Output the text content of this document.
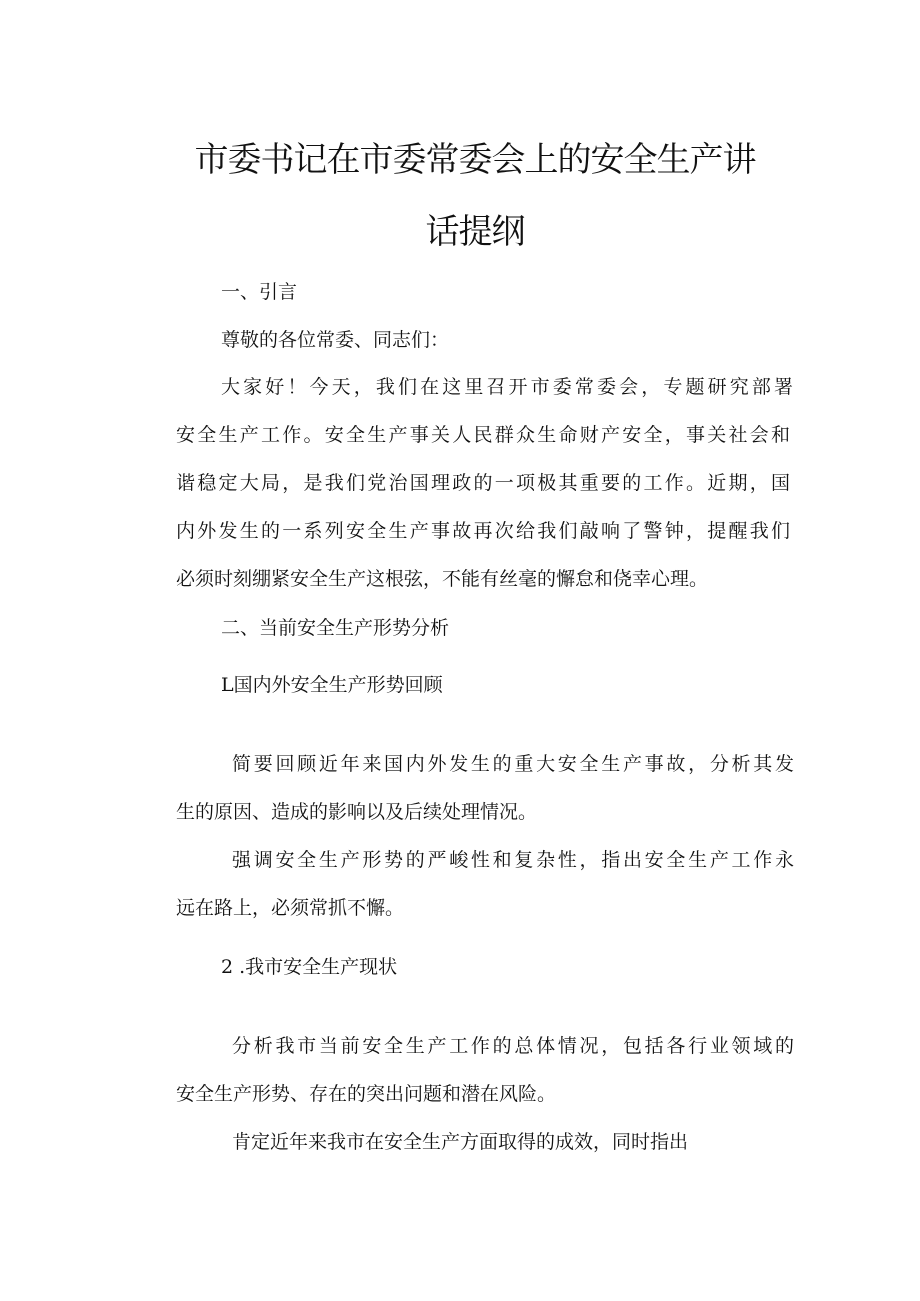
市委书记在市委常委会上的安全生产讲
话提纲

一、引言

尊敬的各位常委、同志们：

大家好！今天，我们在这里召开市委常委会，专题研究部署

安全生产工作。安全生产事关人民群众生命财产安全，事关社会和

谐稳定大局，是我们党治国理政的一项极其重要的工作。近期，国

内外发生的一系列安全生产事故再次给我们敲响了警钟，提醒我们

必须时刻绷紧安全生产这根弦，不能有丝毫的懈怠和侥幸心理。

二、当前安全生产形势分析

L国内外安全生产形势回顾

简要回顾近年来国内外发生的重大安全生产事故，分析其发

生的原因、造成的影响以及后续处理情况。

强调安全生产形势的严峻性和复杂性，指出安全生产工作永

远在路上，必须常抓不懈。

2 .我市安全生产现状

分析我市当前安全生产工作的总体情况，包括各行业领域的

安全生产形势、存在的突出问题和潜在风险。

肯定近年来我市在安全生产方面取得的成效，同时指出
